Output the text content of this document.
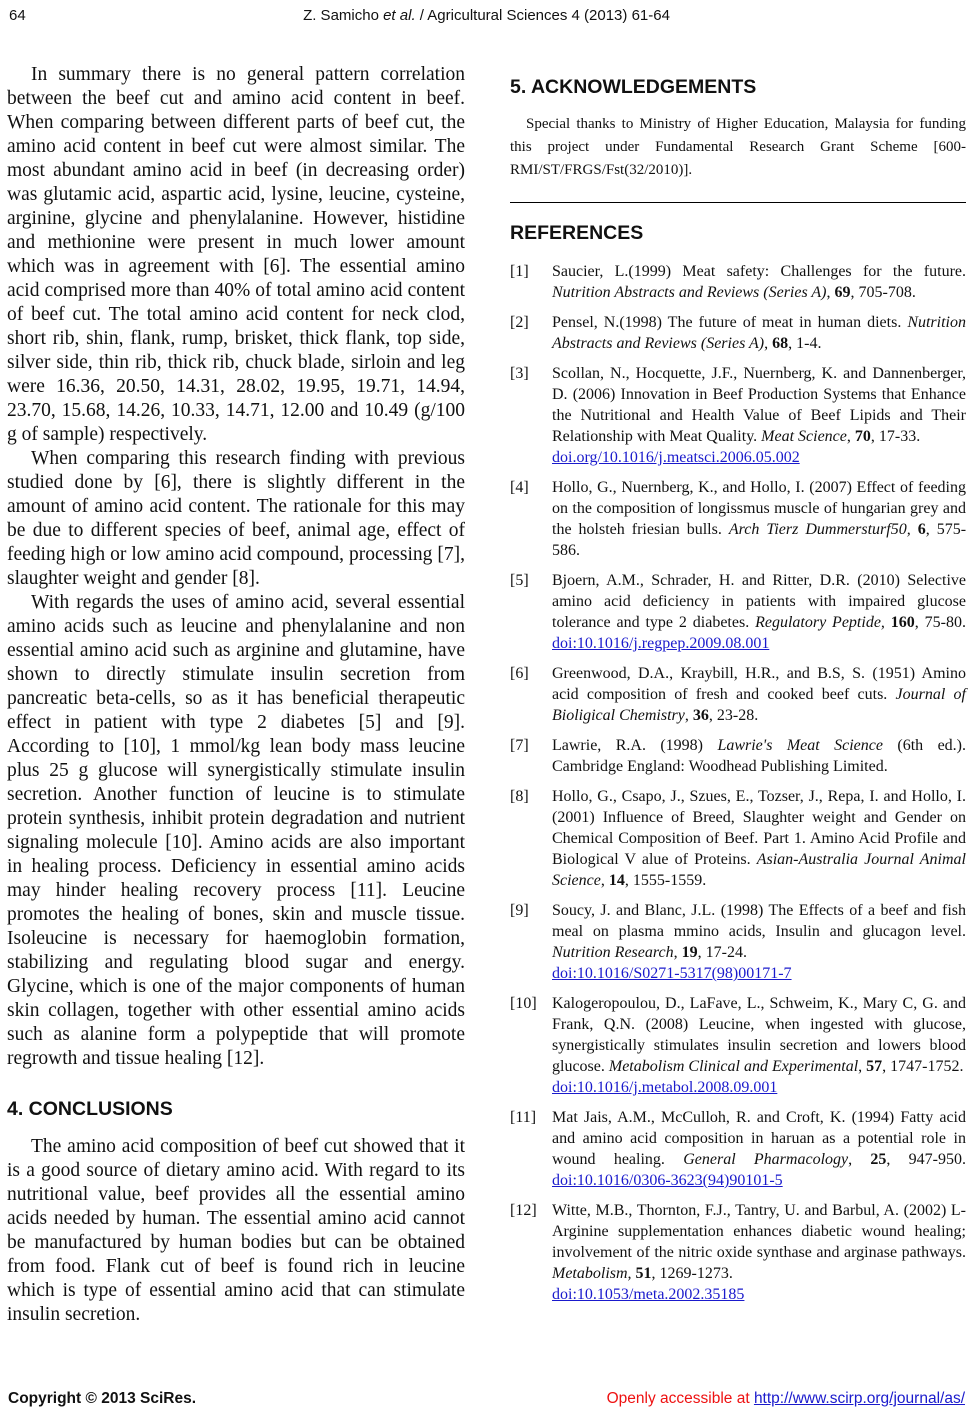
64	Z. Samicho et al. / Agricultural Sciences 4 (2013) 61-64

In summary there is no general pattern correlation between the beef cut and amino acid content in beef. When comparing between different parts of beef cut, the amino acid content in beef cut were almost similar. The most abundant amino acid in beef (in decreasing order) was glutamic acid, aspartic acid, lysine, leucine, cysteine, arginine, glycine and phenylalanine. However, histidine and methionine were present in much lower amount which was in agreement with [6]. The essential amino acid comprised more than 40% of total amino acid content of beef cut. The total amino acid content for neck clod, short rib, shin, flank, rump, brisket, thick flank, top side, silver side, thin rib, thick rib, chuck blade, sirloin and leg were 16.36, 20.50, 14.31, 28.02, 19.95, 19.71, 14.94, 23.70, 15.68, 14.26, 10.33, 14.71, 12.00 and 10.49 (g/100 g of sample) respectively.

When comparing this research finding with previous studied done by [6], there is slightly different in the amount of amino acid content. The rationale for this may be due to different species of beef, animal age, effect of feeding high or low amino acid compound, processing [7], slaughter weight and gender [8].

With regards the uses of amino acid, several essential amino acids such as leucine and phenylalanine and non essential amino acid such as arginine and glutamine, have shown to directly stimulate insulin secretion from pancreatic beta-cells, so as it has beneficial therapeutic effect in patient with type 2 diabetes [5] and [9]. According to [10], 1 mmol/kg lean body mass leucine plus 25 g glucose will synergistically stimulate insulin secretion. Another function of leucine is to stimulate protein synthesis, inhibit protein degradation and nutrient signaling molecule [10]. Amino acids are also important in healing process. Deficiency in essential amino acids may hinder healing recovery process [11]. Leucine promotes the healing of bones, skin and muscle tissue. Isoleucine is necessary for haemoglobin formation, stabilizing and regulating blood sugar and energy. Glycine, which is one of the major components of human skin collagen, together with other essential amino acids such as alanine form a polypeptide that will promote regrowth and tissue healing [12].

4. CONCLUSIONS

The amino acid composition of beef cut showed that it is a good source of dietary amino acid. With regard to its nutritional value, beef provides all the essential amino acids needed by human. The essential amino acid cannot be manufactured by human bodies but can be obtained from food. Flank cut of beef is found rich in leucine which is type of essential amino acid that can stimulate insulin secretion.

5. ACKNOWLEDGEMENTS

Special thanks to Ministry of Higher Education, Malaysia for funding this project under Fundamental Research Grant Scheme [600-RMI/ST/FRGS/Fst(32/2010)].

REFERENCES
[1]	Saucier, L.(1999) Meat safety: Challenges for the future. Nutrition Abstracts and Reviews (Series A), 69, 705-708.
[2]	Pensel, N.(1998) The future of meat in human diets. Nutrition Abstracts and Reviews (Series A), 68, 1-4.
[3]	Scollan, N., Hocquette, J.F., Nuernberg, K. and Dannenberger, D. (2006) Innovation in Beef Production Systems that Enhance the Nutritional and Health Value of Beef Lipids and Their Relationship with Meat Quality. Meat Science, 70, 17-33.
doi.org/10.1016/j.meatsci.2006.05.002
[4]	Hollo, G., Nuernberg, K., and Hollo, I. (2007) Effect of feeding on the composition of longissmus muscle of hungarian grey and the holsteh friesian bulls. Arch Tierz Dummersturf50, 6, 575-586.
[5]	Bjoern, A.M., Schrader, H. and Ritter, D.R. (2010) Selective amino acid deficiency in patients with impaired glucose tolerance and type 2 diabetes. Regulatory Peptide, 160, 75-80. doi:10.1016/j.regpep.2009.08.001
[6]	Greenwood, D.A., Kraybill, H.R., and B.S, S. (1951) Amino acid composition of fresh and cooked beef cuts. Journal of Bioligical Chemistry, 36, 23-28.
[7]	Lawrie, R.A. (1998) Lawrie's Meat Science (6th ed.). Cambridge England: Woodhead Publishing Limited.
[8]	Hollo, G., Csapo, J., Szues, E., Tozser, J., Repa, I. and Hollo, I. (2001) Influence of Breed, Slaughter weight and Gender on Chemical Composition of Beef. Part 1. Amino Acid Profile and Biological V alue of Proteins. Asian-Australia Journal Animal Science, 14, 1555-1559.
[9]	Soucy, J. and Blanc, J.L. (1998) The Effects of a beef and fish meal on plasma mmino acids, Insulin and glucagon level. Nutrition Research, 19, 17-24.
doi:10.1016/S0271-5317(98)00171-7
[10] Kalogeropoulou, D., LaFave, L., Schweim, K., Mary C, G. and Frank, Q.N. (2008) Leucine, when ingested with glucose, synergistically stimulates insulin secretion and lowers blood glucose. Metabolism Clinical and Experimental, 57, 1747-1752.
doi:10.1016/j.metabol.2008.09.001
[11] Mat Jais, A.M., McCulloh, R. and Croft, K. (1994) Fatty acid and amino acid composition in haruan as a potential role in wound healing. General Pharmacology, 25, 947-950. doi:10.1016/0306-3623(94)90101-5
[12] Witte, M.B., Thornton, F.J., Tantry, U. and Barbul, A. (2002) L- Arginine supplementation enhances diabetic wound healing; involvement of the nitric oxide synthase and arginase pathways. Metabolism, 51, 1269-1273.
doi:10.1053/meta.2002.35185
Copyright © 2013 SciRes.	Openly accessible at http://www.scirp.org/journal/as/
